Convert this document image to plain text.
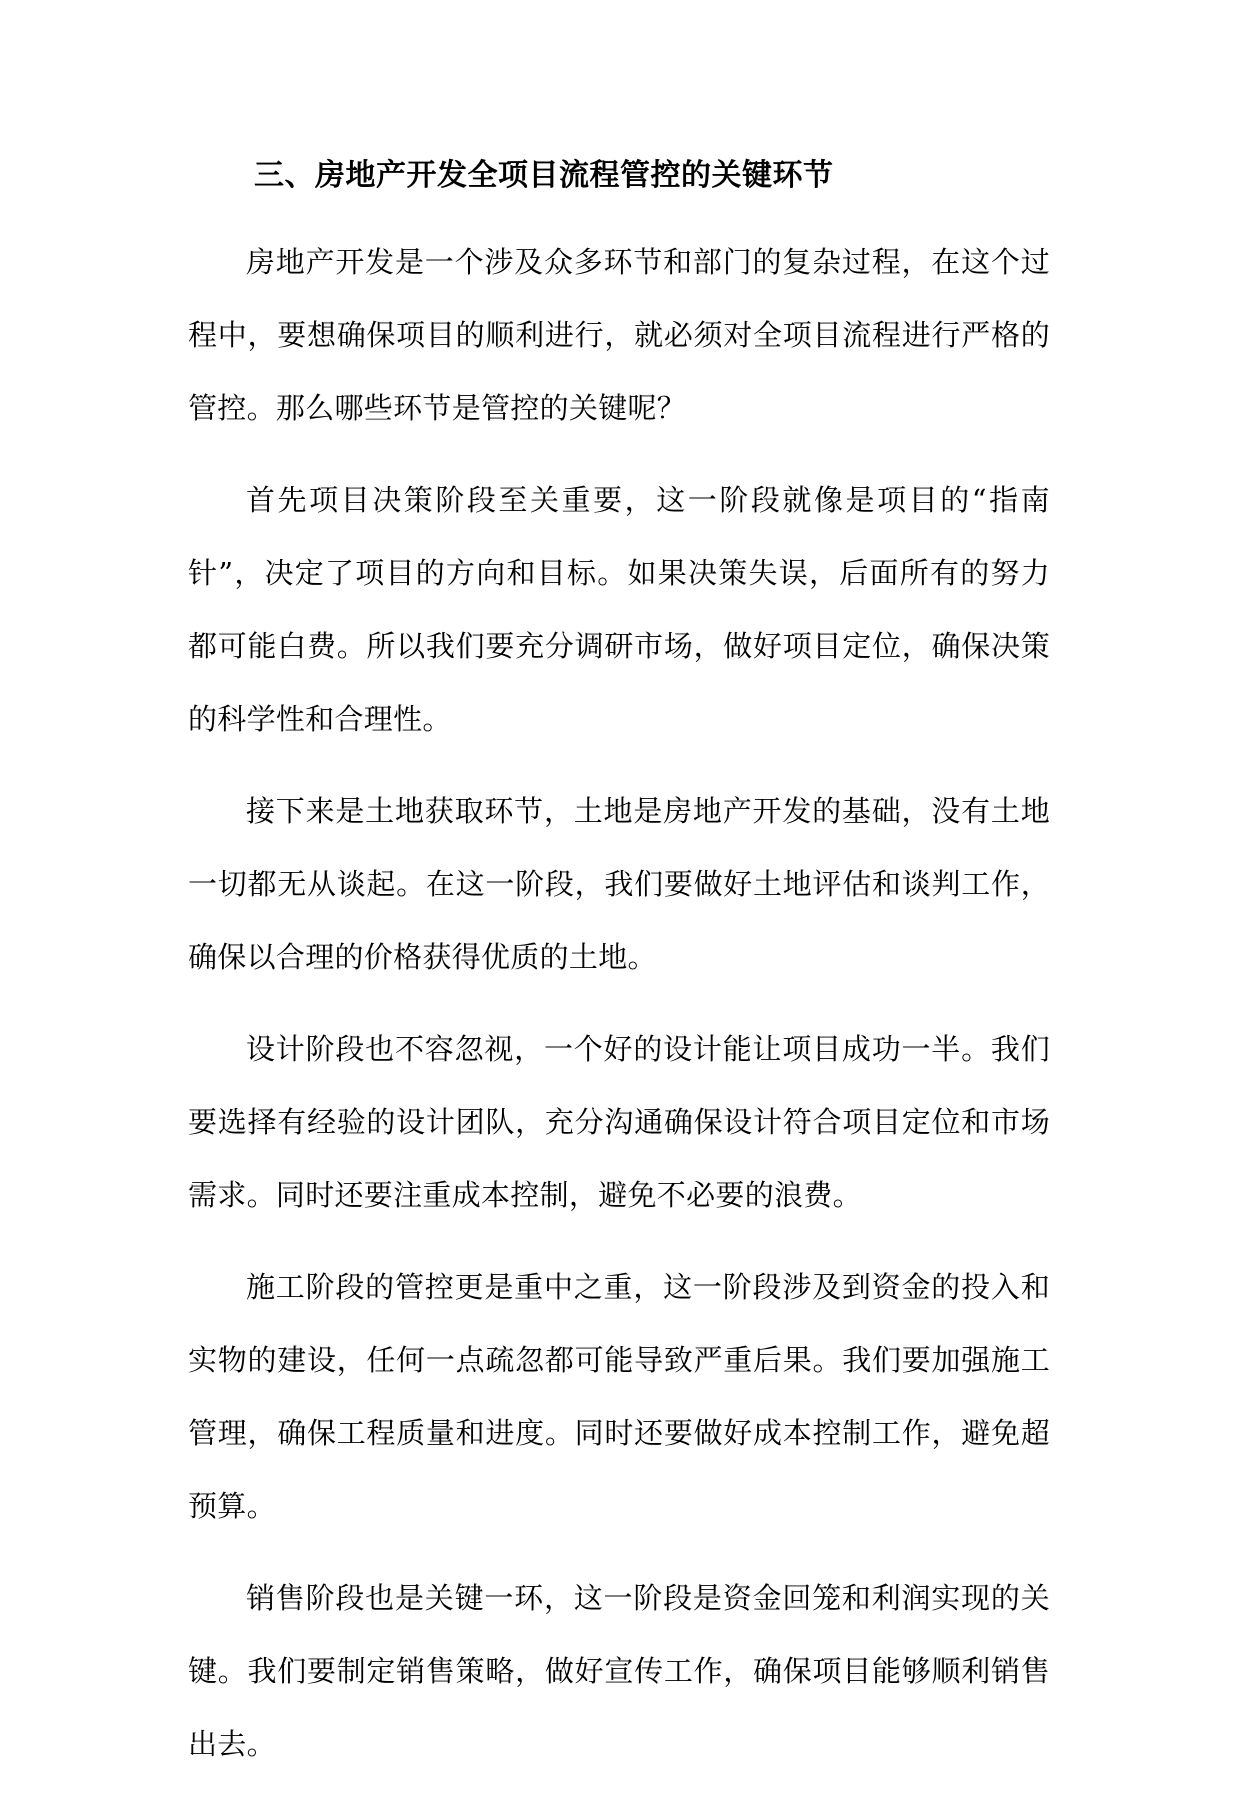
三、房地产开发全项目流程管控的关键环节

房地产开发是一个涉及众多环节和部门的复杂过程，在这个过程中，要想确保项目的顺利进行，就必须对全项目流程进行严格的管控。那么哪些环节是管控的关键呢？

首先项目决策阶段至关重要，这一阶段就像是项目的“指南针”，决定了项目的方向和目标。如果决策失误，后面所有的努力都可能白费。所以我们要充分调研市场，做好项目定位，确保决策的科学性和合理性。

接下来是土地获取环节，土地是房地产开发的基础，没有土地一切都无从谈起。在这一阶段，我们要做好土地评估和谈判工作，确保以合理的价格获得优质的土地。

设计阶段也不容忽视，一个好的设计能让项目成功一半。我们要选择有经验的设计团队，充分沟通确保设计符合项目定位和市场需求。同时还要注重成本控制，避免不必要的浪费。

施工阶段的管控更是重中之重，这一阶段涉及到资金的投入和实物的建设，任何一点疏忽都可能导致严重后果。我们要加强施工管理，确保工程质量和进度。同时还要做好成本控制工作，避免超预算。

销售阶段也是关键一环，这一阶段是资金回笼和利润实现的关键。我们要制定销售策略，做好宣传工作，确保项目能够顺利销售出去。
